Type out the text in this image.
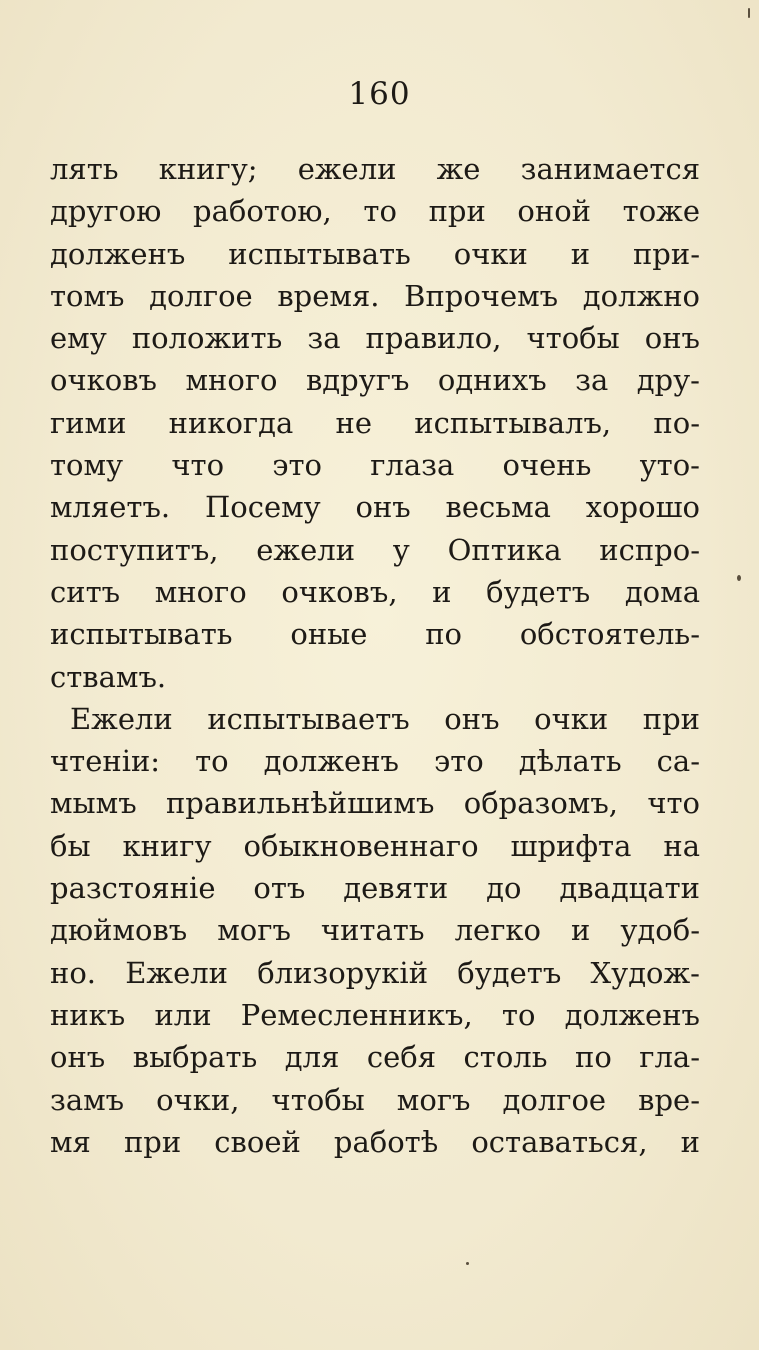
160
лять книгу; ежели же занимается
другою работою, то при оной тоже
долженъ испытывать очки и при-
томъ долгое время. Впрочемъ должно
ему положить за правило, чтобы онъ
очковъ много вдругъ однихъ за дру-
гими никогда не испытывалъ, по-
тому что это глаза очень уто-
мляетъ. Посему онъ весьма хорошо
поступитъ, ежели у Оптика испро-
ситъ много очковъ, и будетъ дома
испытывать оные по обстоятель-
ствамъ.
Ежели испытываетъ онъ очки при
чтеніи: то долженъ это дѣлать са-
мымъ правильнѣйшимъ образомъ, что
бы книгу обыкновеннаго шрифта на
разстояніе отъ девяти до двадцати
дюймовъ могъ читать легко и удоб-
но. Ежели близорукій будетъ Худож-
никъ или Ремесленникъ, то долженъ
онъ выбрать для себя столь по гла-
замъ очки, чтобы могъ долгое вре-
мя при своей работѣ оставаться, и
